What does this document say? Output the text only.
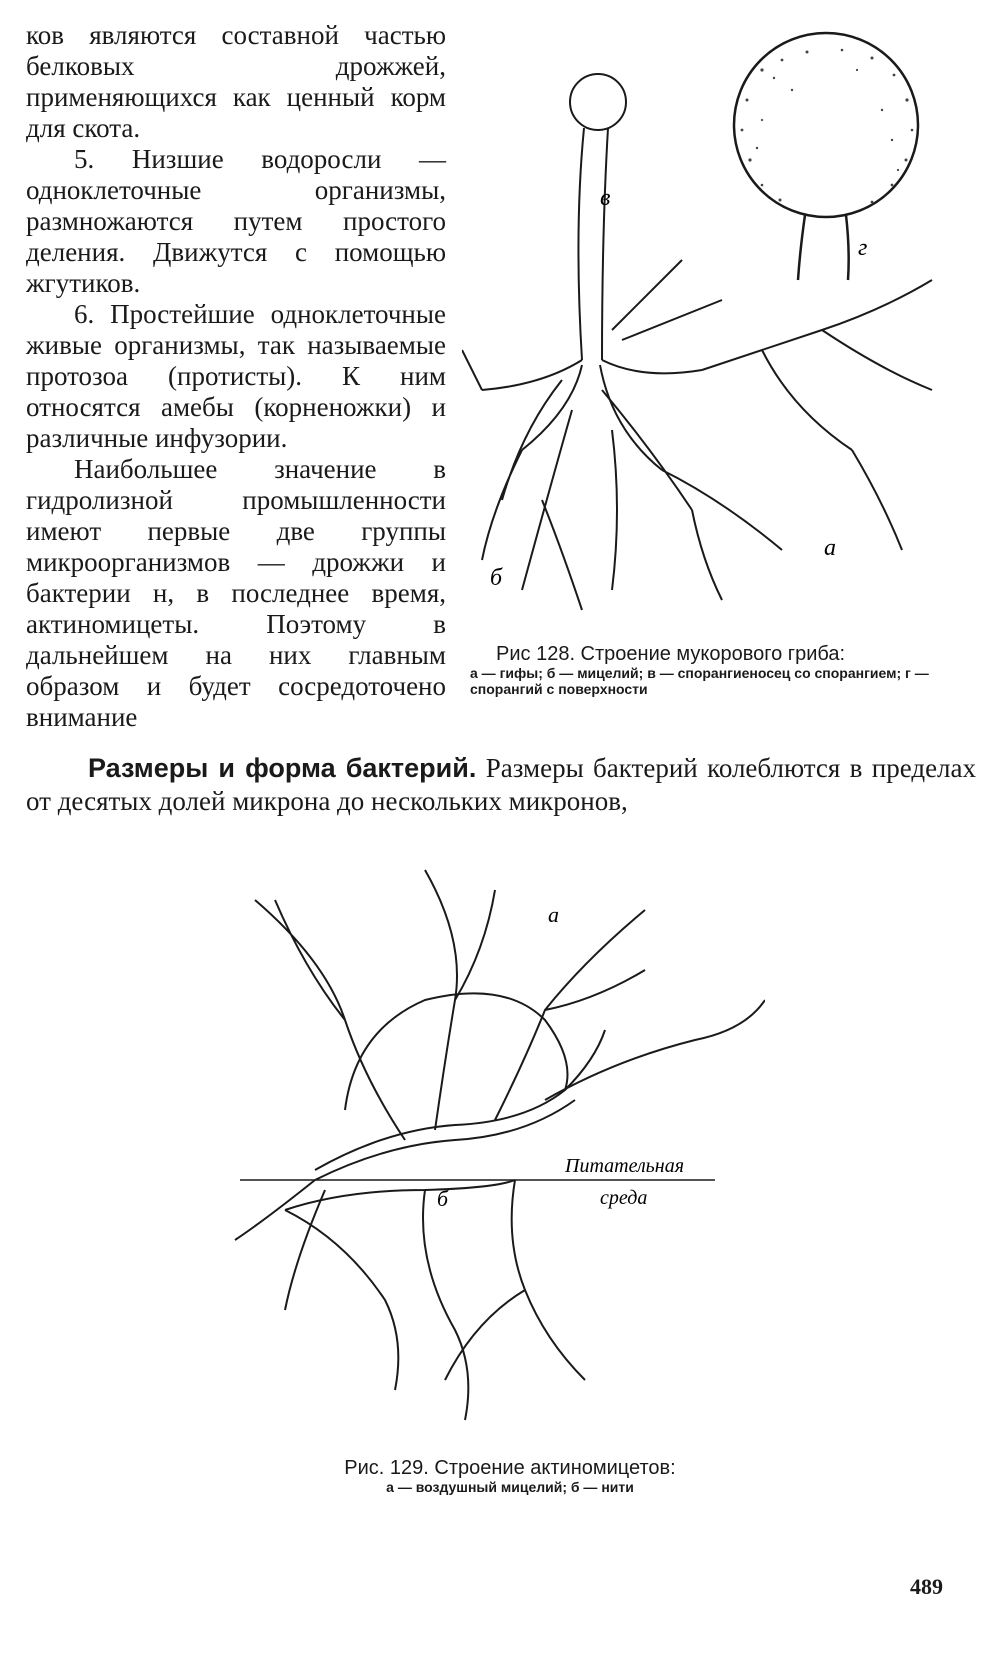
ков являются составной частью белковых дрожжей, применяющихся как ценный корм для скота.

5. Низшие водоросли — одноклеточные организмы, размножаются путем простого деления. Движутся с помощью жгутиков.

6. Простейшие одноклеточные живые организмы, так называемые протозоа (протисты). К ним относятся амебы (корненожки) и различные инфузории.

Наибольшее значение в гидролизной промышленности имеют первые две группы микроорганизмов — дрожжи и бактерии н, в последнее время, актиномицеты. Поэтому в дальнейшем на них главным образом и будет сосредоточено внимание

в
г
а
б

Рис 128. Строение мукорового гриба:

а — гифы; б — мицелий; в — спорангиеносец со спорангием; г — спорангий с поверхности

Размеры и форма бактерий. Размеры бактерий колеблются в пределах от десятых долей микрона до нескольких микронов,

а
б
Питательная
среда
Рис. 129. Строение актиномицетов:
а — воздушный мицелий; б — нити
489
